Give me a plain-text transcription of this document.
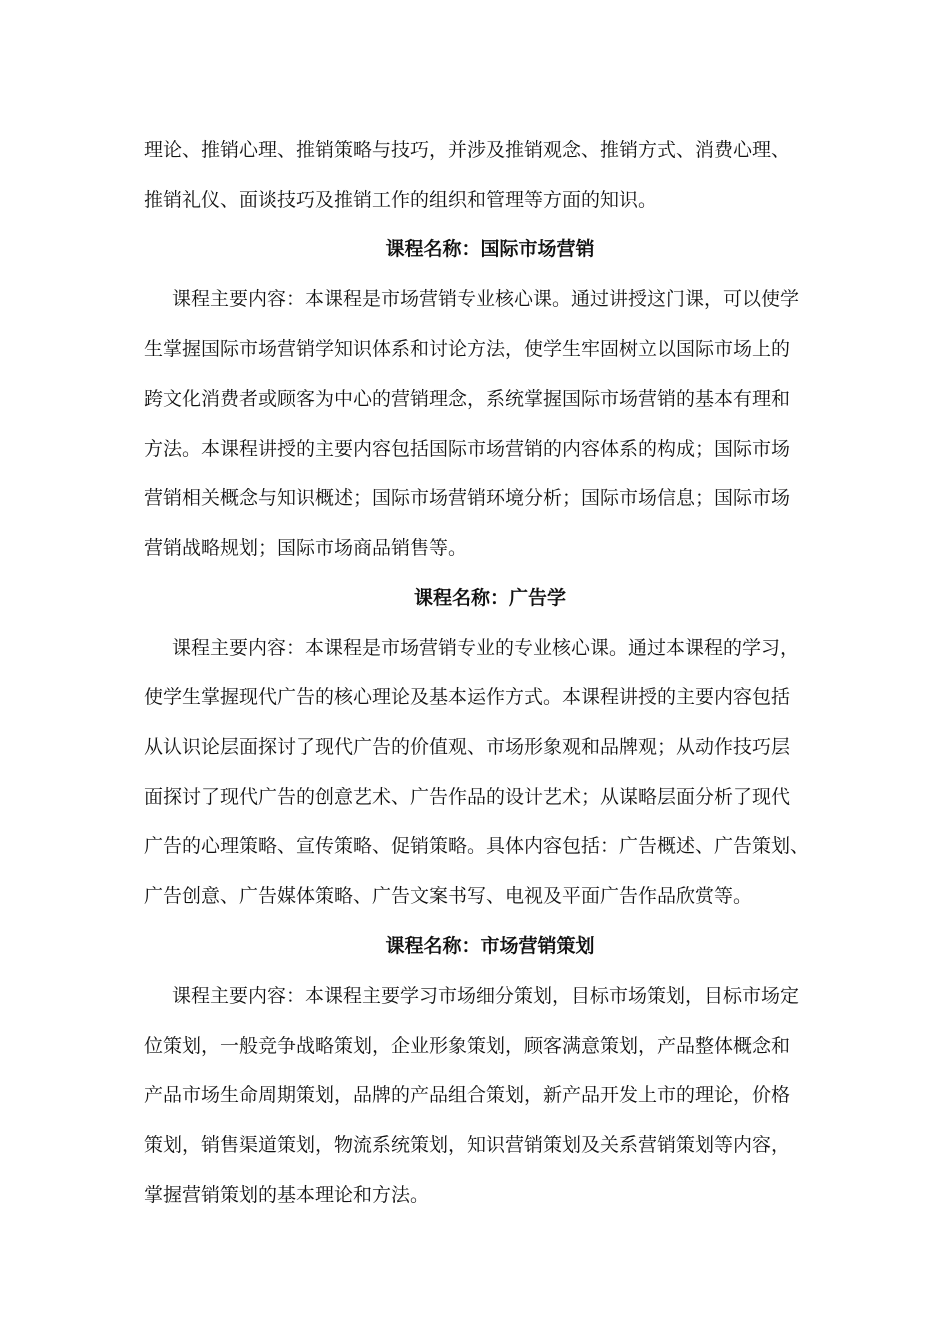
理论、推销心理、推销策略与技巧，并涉及推销观念、推销方式、消费心理、
推销礼仪、面谈技巧及推销工作的组织和管理等方面的知识。
课程名称：国际市场营销
课程主要内容：本课程是市场营销专业核心课。通过讲授这门课，可以使学
生掌握国际市场营销学知识体系和讨论方法，使学生牢固树立以国际市场上的
跨文化消费者或顾客为中心的营销理念，系统掌握国际市场营销的基本有理和
方法。本课程讲授的主要内容包括国际市场营销的内容体系的构成；国际市场
营销相关概念与知识概述；国际市场营销环境分析；国际市场信息；国际市场
营销战略规划；国际市场商品销售等。
课程名称：广告学
课程主要内容：本课程是市场营销专业的专业核心课。通过本课程的学习，
使学生掌握现代广告的核心理论及基本运作方式。本课程讲授的主要内容包括
从认识论层面探讨了现代广告的价值观、市场形象观和品牌观；从动作技巧层
面探讨了现代广告的创意艺术、广告作品的设计艺术；从谋略层面分析了现代
广告的心理策略、宣传策略、促销策略。具体内容包括：广告概述、广告策划、
广告创意、广告媒体策略、广告文案书写、电视及平面广告作品欣赏等。
课程名称：市场营销策划
课程主要内容：本课程主要学习市场细分策划，目标市场策划，目标市场定
位策划，一般竞争战略策划，企业形象策划，顾客满意策划，产品整体概念和
产品市场生命周期策划，品牌的产品组合策划，新产品开发上市的理论，价格
策划，销售渠道策划，物流系统策划，知识营销策划及关系营销策划等内容，
掌握营销策划的基本理论和方法。
